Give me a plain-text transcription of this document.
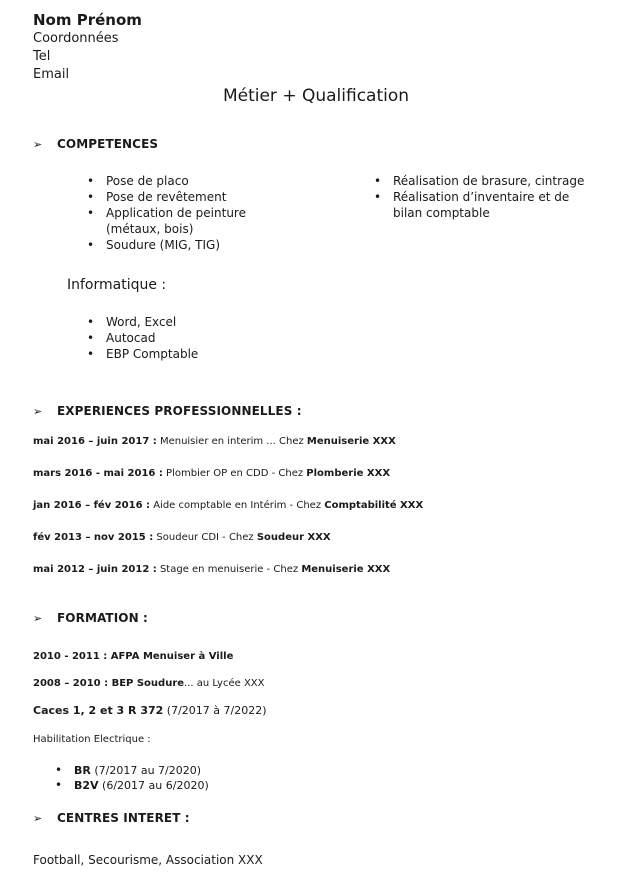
Nom Prénom
Coordonnées
Tel
Email
Métier + Qualification
➢ COMPETENCES
• Pose de placo
• Pose de revêtement
• Application de peinture
(métaux, bois)
• Soudure (MIG, TIG)
• Réalisation de brasure, cintrage
• Réalisation d’inventaire et de
bilan comptable
Informatique :
• Word, Excel
• Autocad
• EBP Comptable
➢ EXPERIENCES PROFESSIONNELLES :
mai 2016 – juin 2017 : Menuisier en interim ... Chez Menuiserie XXX
mars 2016 - mai 2016 : Plombier OP en CDD - Chez Plomberie XXX
jan 2016 – fév 2016 : Aide comptable en Intérim - Chez Comptabilité XXX
fév 2013 – nov 2015 : Soudeur CDI - Chez Soudeur XXX
mai 2012 – juin 2012 : Stage en menuiserie - Chez Menuiserie XXX
➢ FORMATION :
2010 - 2011 : AFPA Menuiser à Ville
2008 – 2010 : BEP Soudure... au Lycée XXX
Caces 1, 2 et 3 R 372 (7/2017 à 7/2022)
Habilitation Electrique :
• BR (7/2017 au 7/2020)
• B2V (6/2017 au 6/2020)
➢ CENTRES INTERET :
Football, Secourisme, Association XXX
